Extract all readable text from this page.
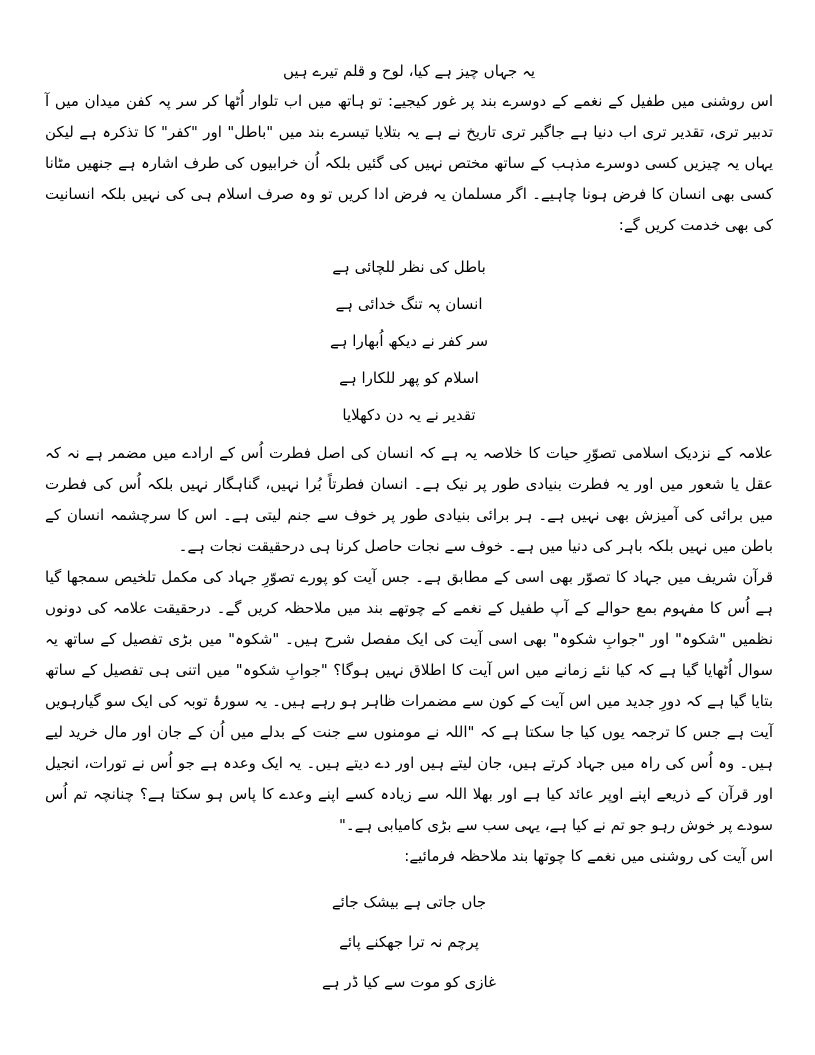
یہ جہاں چیز ہے کیا، لوح و قلم تیرے ہیں

اس روشنی میں طفیل کے نغمے کے دوسرے بند پر غور کیجیے: تو ہاتھ میں اب تلوار اُٹھا کر سر پہ کفن میدان میں آ تدبیر تری، تقدیر تری اب دنیا ہے جاگیر تری تاریخ نے ہے یہ بتلایا تیسرے بند میں "باطل" اور "کفر" کا تذکرہ ہے لیکن یہاں یہ چیزیں کسی دوسرے مذہب کے ساتھ مختص نہیں کی گئیں بلکہ اُن خرابیوں کی طرف اشارہ ہے جنھیں مٹانا کسی بھی انسان کا فرض ہونا چاہیے۔ اگر مسلمان یہ فرض ادا کریں تو وہ صرف اسلام ہی کی نہیں بلکہ انسانیت کی بھی خدمت کریں گے:

باطل کی نظر للچائی ہے

انسان پہ تنگ خدائی ہے

سر کفر نے دیکھ اُبھارا ہے

اسلام کو پھر للکارا ہے

تقدیر نے یہ دن دکھلایا

علامہ کے نزدیک اسلامی تصوّرِ حیات کا خلاصہ یہ ہے کہ انسان کی اصل فطرت اُس کے ارادے میں مضمر ہے نہ کہ عقل یا شعور میں اور یہ فطرت بنیادی طور پر نیک ہے۔ انسان فطرتاً بُرا نہیں، گناہگار نہیں بلکہ اُس کی فطرت میں برائی کی آمیزش بھی نہیں ہے۔ ہر برائی بنیادی طور پر خوف سے جنم لیتی ہے۔ اس کا سرچشمہ انسان کے باطن میں نہیں بلکہ باہر کی دنیا میں ہے۔ خوف سے نجات حاصل کرنا ہی درحقیقت نجات ہے۔

قرآن شریف میں جہاد کا تصوّر بھی اسی کے مطابق ہے۔ جس آیت کو پورے تصوّرِ جہاد کی مکمل تلخیص سمجھا گیا ہے اُس کا مفہوم بمع حوالے کے آپ طفیل کے نغمے کے چوتھے بند میں ملاحظہ کریں گے۔ درحقیقت علامہ کی دونوں نظمیں "شکوہ" اور "جوابِ شکوہ" بھی اسی آیت کی ایک مفصل شرح ہیں۔ "شکوہ" میں بڑی تفصیل کے ساتھ یہ سوال اُٹھایا گیا ہے کہ کیا نئے زمانے میں اس آیت کا اطلاق نہیں ہوگا؟ "جوابِ شکوہ" میں اتنی ہی تفصیل کے ساتھ بتایا گیا ہے کہ دورِ جدید میں اس آیت کے کون سے مضمرات ظاہر ہو رہے ہیں۔ یہ سورۂ توبہ کی ایک سو گیارہویں آیت ہے جس کا ترجمہ یوں کیا جا سکتا ہے کہ "اللہ نے مومنوں سے جنت کے بدلے میں اُن کے جان اور مال خرید لیے ہیں۔ وہ اُس کی راہ میں جہاد کرتے ہیں، جان لیتے ہیں اور دے دیتے ہیں۔ یہ ایک وعدہ ہے جو اُس نے تورات، انجیل اور قرآن کے ذریعے اپنے اوپر عائد کیا ہے اور بھلا اللہ سے زیادہ کسے اپنے وعدے کا پاس ہو سکتا ہے؟ چنانچہ تم اُس سودے پر خوش رہو جو تم نے کیا ہے، یہی سب سے بڑی کامیابی ہے۔"

اس آیت کی روشنی میں نغمے کا چوتھا بند ملاحظہ فرمائیے:

جاں جاتی ہے بیشک جائے

پرچم نہ ترا جھکنے پائے

غازی کو موت سے کیا ڈر ہے
